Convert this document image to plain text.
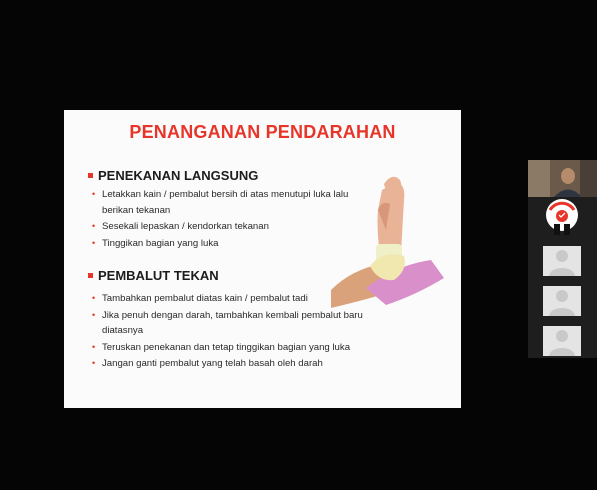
PENANGANAN PENDARAHAN
PENEKANAN LANGSUNG
• Letakkan kain / pembalut bersih di atas menutupi luka lalu berikan tekanan
• Sesekali lepaskan / kendorkan tekanan
• Tinggikan bagian yang luka
PEMBALUT TEKAN
• Tambahkan pembalut diatas kain / pembalut tadi
• Jika penuh dengan darah, tambahkan kembali pembalut baru diatasnya
• Teruskan penekanan dan tetap tinggikan bagian yang luka
• Jangan ganti pembalut yang telah basah oleh darah
